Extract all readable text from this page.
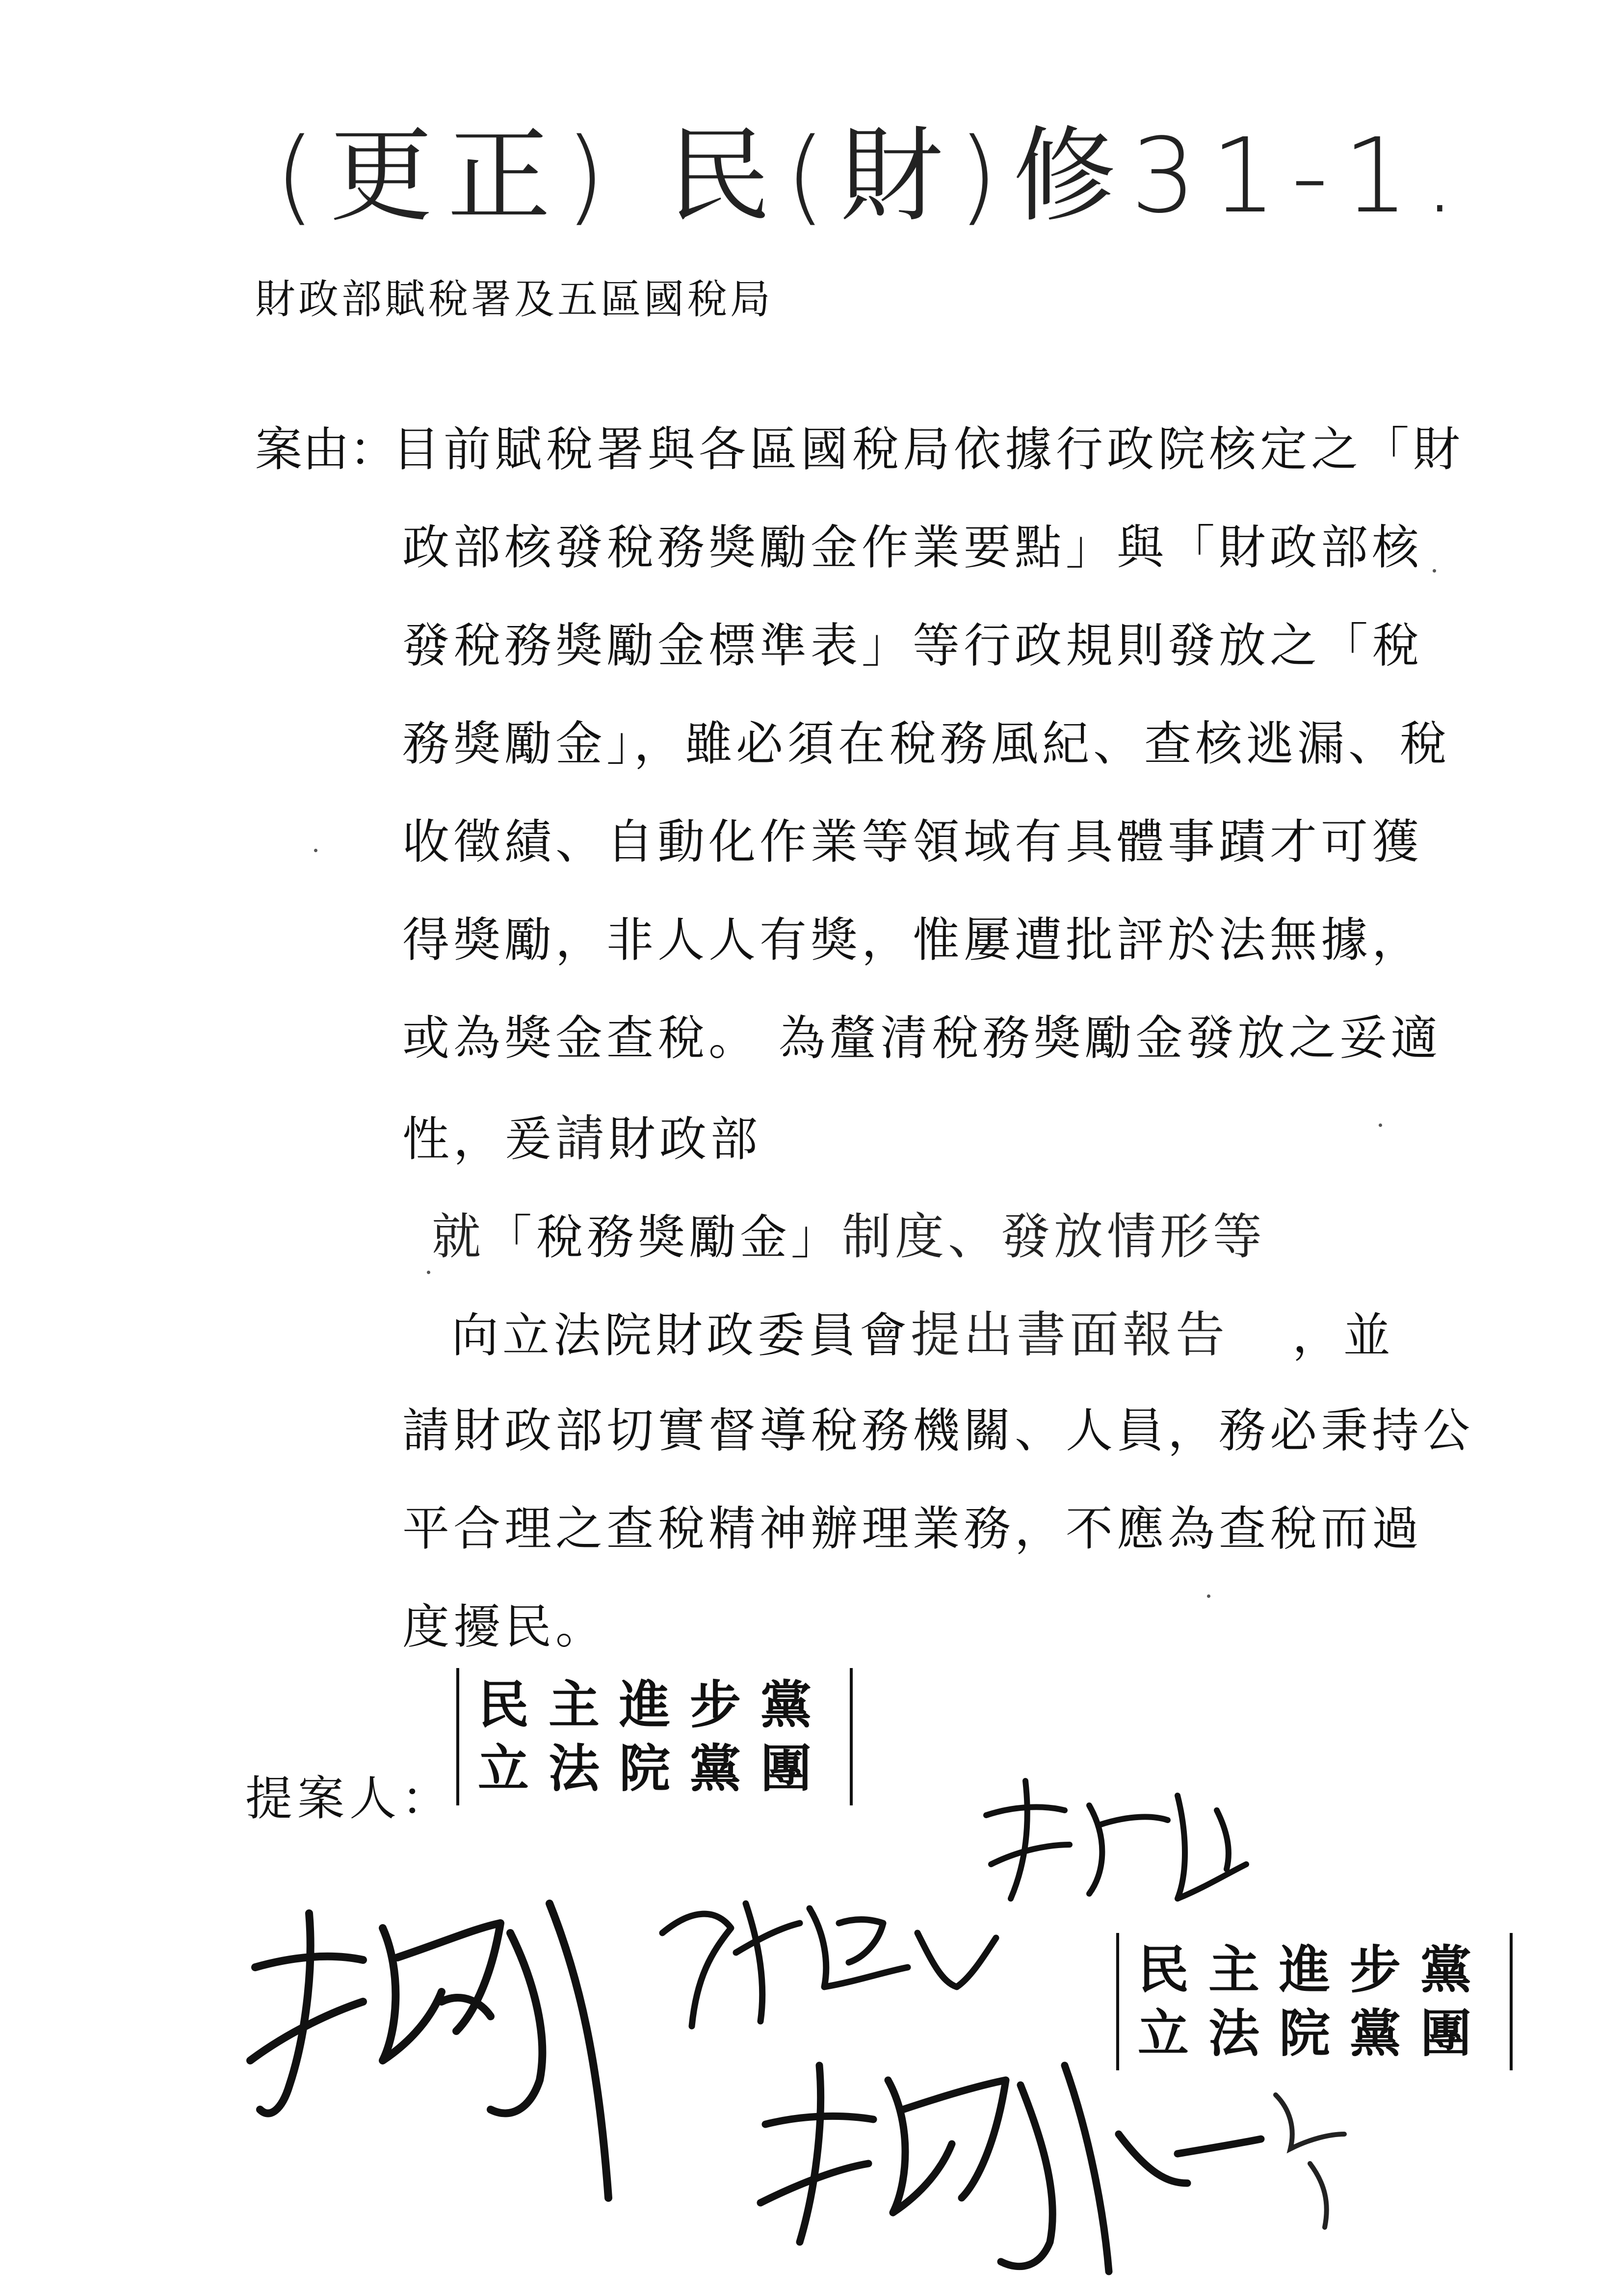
(更正) 民(財)修31-1.
財政部賦稅署及五區國稅局
案由：
目前賦稅署與各區國稅局依據行政院核定之「財
政部核發稅務獎勵金作業要點」與「財政部核
發稅務獎勵金標準表」等行政規則發放之「稅
務獎勵金」，雖必須在稅務風紀、查核逃漏、稅
收徵績、自動化作業等領域有具體事蹟才可獲
得獎勵，非人人有獎，惟屢遭批評於法無據，
或為獎金查稅。 為釐清稅務獎勵金發放之妥適
性，爰請財政部
就「稅務獎勵金」制度、發放情形等
向立法院財政委員會提出書面報告 ，並
請財政部切實督導稅務機關、人員，務必秉持公
平合理之查稅精神辦理業務，不應為查稅而過
度擾民。
提案人：
民主進步黨
立法院黨團
民主進步黨
立法院黨團
